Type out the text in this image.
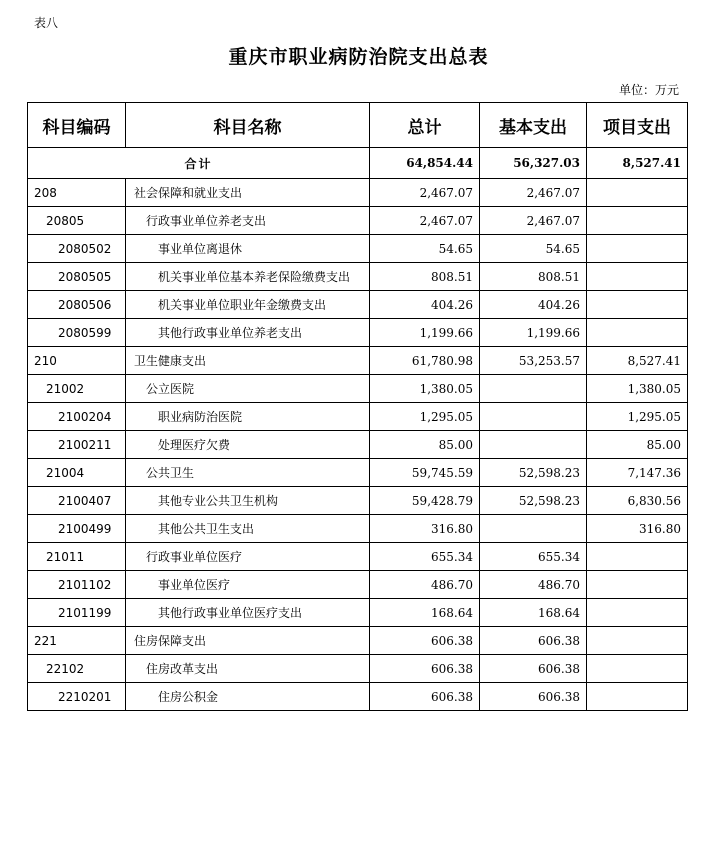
表八
重庆市职业病防治院支出总表
单位：万元
科目编码	科目名称	总计	基本支出	项目支出
合计		64,854.44	56,327.03	8,527.41
208	社会保障和就业支出	2,467.07	2,467.07	
20805	行政事业单位养老支出	2,467.07	2,467.07	
2080502	事业单位离退休	54.65	54.65	
2080505	机关事业单位基本养老保险缴费支出	808.51	808.51	
2080506	机关事业单位职业年金缴费支出	404.26	404.26	
2080599	其他行政事业单位养老支出	1,199.66	1,199.66	
210	卫生健康支出	61,780.98	53,253.57	8,527.41
21002	公立医院	1,380.05		1,380.05
2100204	职业病防治医院	1,295.05		1,295.05
2100211	处理医疗欠费	85.00		85.00
21004	公共卫生	59,745.59	52,598.23	7,147.36
2100407	其他专业公共卫生机构	59,428.79	52,598.23	6,830.56
2100499	其他公共卫生支出	316.80		316.80
21011	行政事业单位医疗	655.34	655.34	
2101102	事业单位医疗	486.70	486.70	
2101199	其他行政事业单位医疗支出	168.64	168.64	
221	住房保障支出	606.38	606.38	
22102	住房改革支出	606.38	606.38	
2210201	住房公积金	606.38	606.38	
